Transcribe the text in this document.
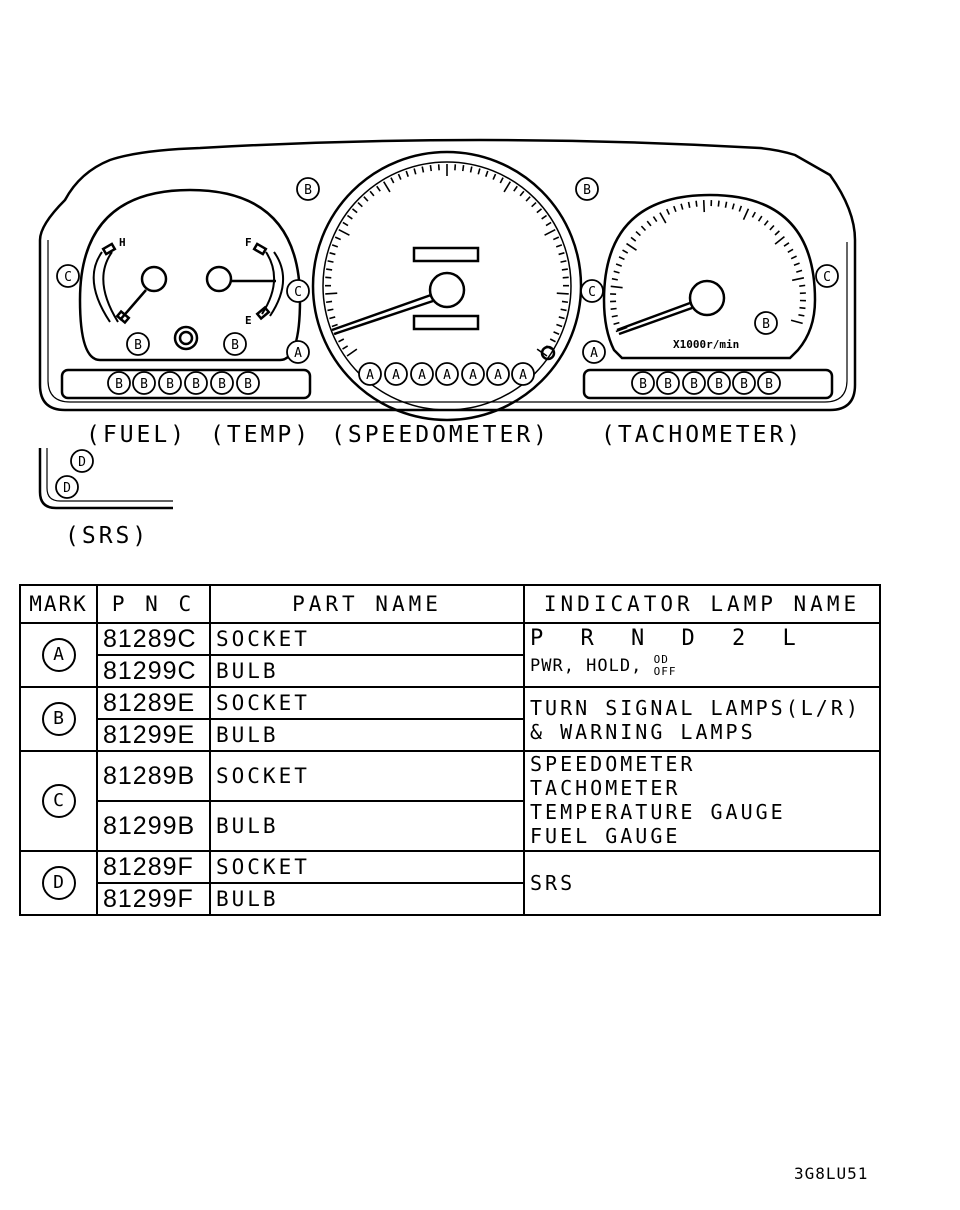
H	F
E
X1000r/min
B	B
C
C	C
C
B	B
A	A
B
B B B B B B
A A A A A A A
B B B B B B
D
D
(FUEL) (TEMP) (SPEEDOMETER) (TACHOMETER)
(SRS)
MARK	P N C	PART NAME	INDICATOR LAMP NAME
A	81289C	SOCKET	P R N D 2 L
PWR, HOLD, OD
OFF

	81299C	BULB	
B	81289E	SOCKET	TURN SIGNAL LAMPS(L/R)
& WARNING LAMPS

	81299E	BULB	
C	81289B	SOCKET	SPEEDOMETER
TACHOMETER
TEMPERATURE GAUGE
FUEL GAUGE

	81299B	BULB	
D	81289F	SOCKET	SRS

	81299F	BULB	
3G8LU51
